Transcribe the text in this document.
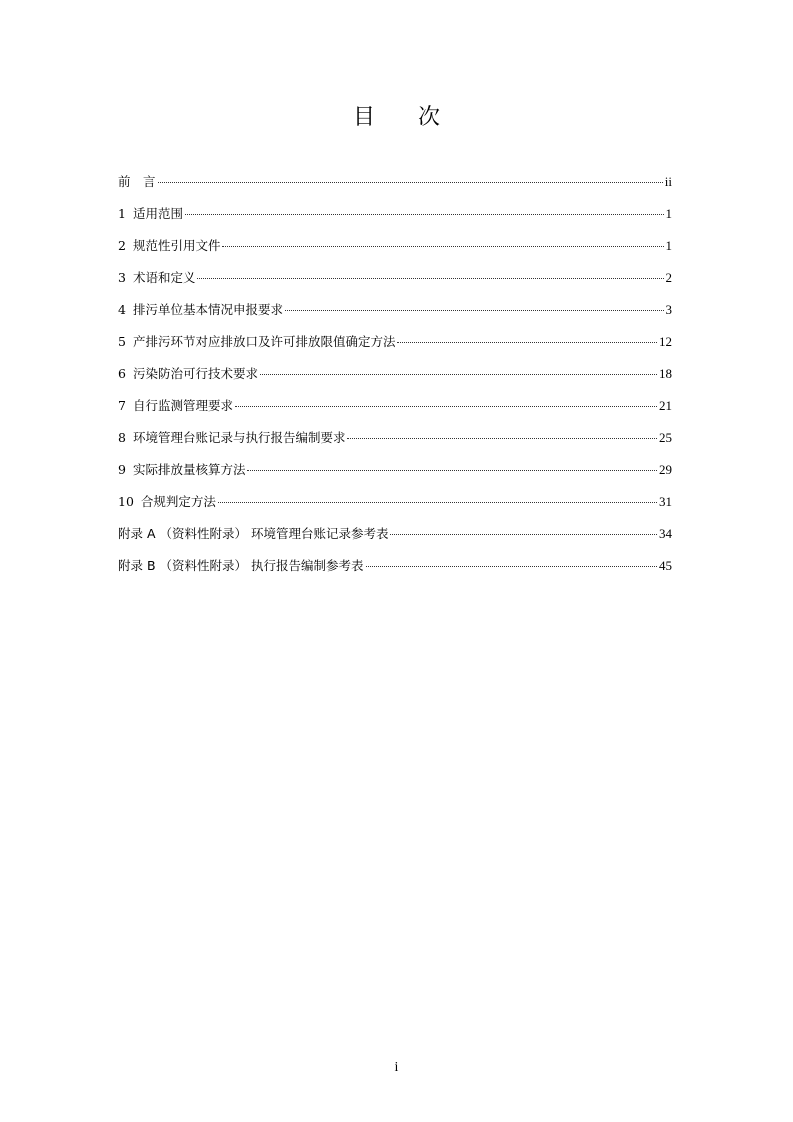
目 次
前　言	ii
1 适用范围	1
2 规范性引用文件	1
3 术语和定义	2
4 排污单位基本情况申报要求	3
5 产排污环节对应排放口及许可排放限值确定方法	12
6 污染防治可行技术要求	18
7 自行监测管理要求	21
8 环境管理台账记录与执行报告编制要求	25
9 实际排放量核算方法	29
10 合规判定方法	31
附录 A （资料性附录） 环境管理台账记录参考表	34
附录 B （资料性附录） 执行报告编制参考表	45
i
